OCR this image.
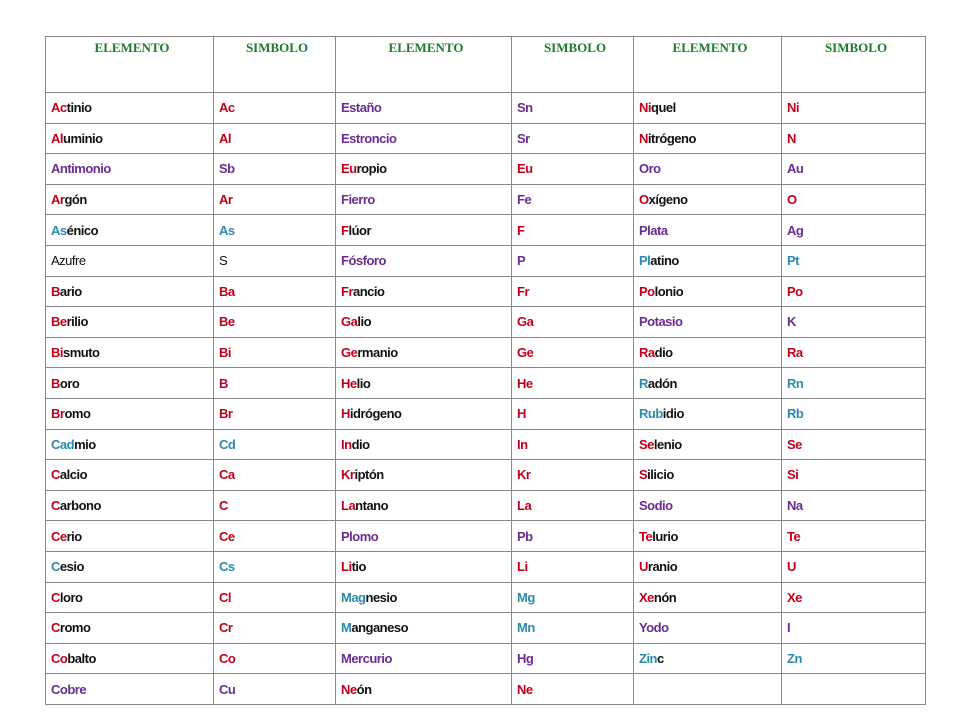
ELEMENTO	SIMBOLO	ELEMENTO	SIMBOLO	ELEMENTO	SIMBOLO
Actinio	Ac	Estaño	Sn	Niquel	Ni
Aluminio	Al	Estroncio	Sr	Nitrógeno	N
Antimonio	Sb	Europio	Eu	Oro	Au
Argón	Ar	Fierro	Fe	Oxígeno	O
Asénico	As	Flúor	F	Plata	Ag
Azufre	S	Fósforo	P	Platino	Pt
Bario	Ba	Francio	Fr	Polonio	Po
Berilio	Be	Galio	Ga	Potasio	K
Bismuto	Bi	Germanio	Ge	Radio	Ra
Boro	B	Helio	He	Radón	Rn
Bromo	Br	Hidrógeno	H	Rubidio	Rb
Cadmio	Cd	Indio	In	Selenio	Se
Calcio	Ca	Kriptón	Kr	Silicio	Si
Carbono	C	Lantano	La	Sodio	Na
Cerio	Ce	Plomo	Pb	Telurio	Te
Cesio	Cs	Litio	Li	Uranio	U
Cloro	Cl	Magnesio	Mg	Xenón	Xe
Cromo	Cr	Manganeso	Mn	Yodo	I
Cobalto	Co	Mercurio	Hg	Zinc	Zn
Cobre	Cu	Neón	Ne		
